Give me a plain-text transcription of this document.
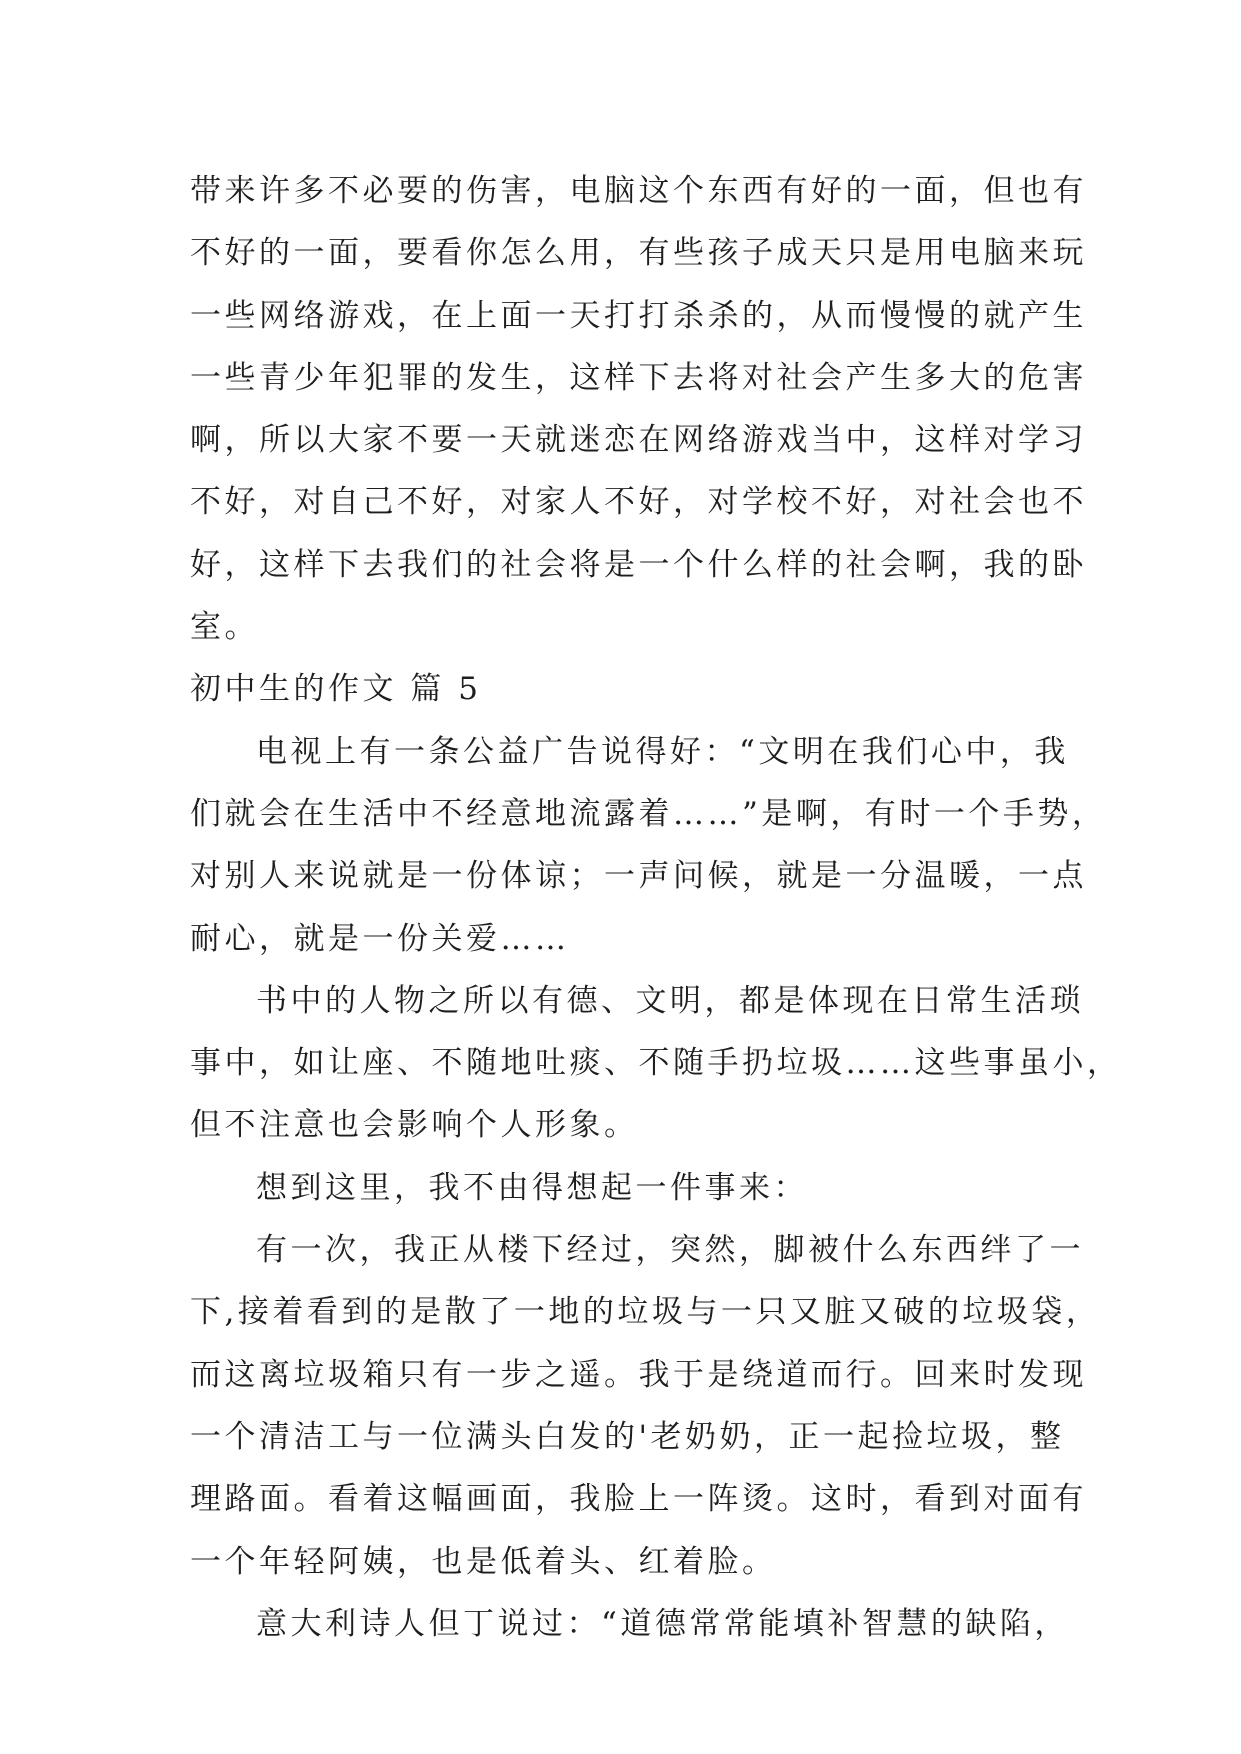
带来许多不必要的伤害，电脑这个东西有好的一面，但也有
不好的一面，要看你怎么用，有些孩子成天只是用电脑来玩
一些网络游戏，在上面一天打打杀杀的，从而慢慢的就产生
一些青少年犯罪的发生，这样下去将对社会产生多大的危害
啊，所以大家不要一天就迷恋在网络游戏当中，这样对学习
不好，对自己不好，对家人不好，对学校不好，对社会也不
好，这样下去我们的社会将是一个什么样的社会啊，我的卧
室。
初中生的作文 篇 5
电视上有一条公益广告说得好：“文明在我们心中，我
们就会在生活中不经意地流露着……”是啊，有时一个手势，
对别人来说就是一份体谅；一声问候，就是一分温暖，一点
耐心，就是一份关爱……
书中的人物之所以有德、文明，都是体现在日常生活琐
事中，如让座、不随地吐痰、不随手扔垃圾……这些事虽小，
但不注意也会影响个人形象。
想到这里，我不由得想起一件事来：
有一次，我正从楼下经过，突然，脚被什么东西绊了一
下,接着看到的是散了一地的垃圾与一只又脏又破的垃圾袋，
而这离垃圾箱只有一步之遥。我于是绕道而行。回来时发现
一个清洁工与一位满头白发的'老奶奶，正一起捡垃圾，整
理路面。看着这幅画面，我脸上一阵烫。这时，看到对面有
一个年轻阿姨，也是低着头、红着脸。
意大利诗人但丁说过：“道德常常能填补智慧的缺陷，
